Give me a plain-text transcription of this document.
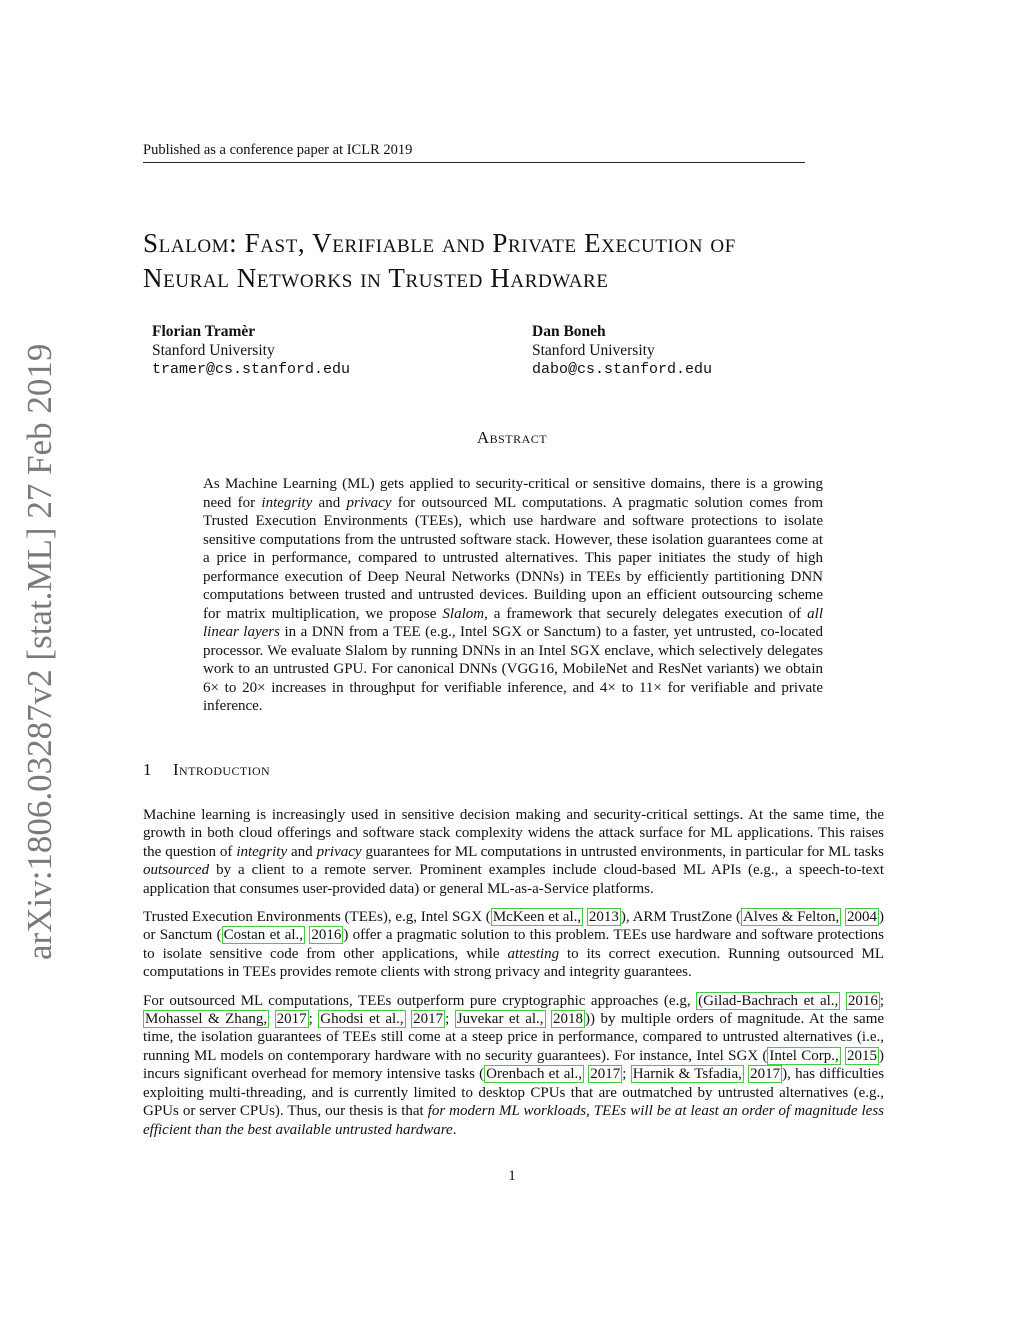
arXiv:1806.03287v2 [stat.ML] 27 Feb 2019
Published as a conference paper at ICLR 2019
Slalom: Fast, Verifiable and Private Execution of
Neural Networks in Trusted Hardware
Florian Tramèr
Stanford University
tramer@cs.stanford.edu
Dan Boneh
Stanford University
dabo@cs.stanford.edu
Abstract
As Machine Learning (ML) gets applied to security-critical or sensitive domains, there is a growing need for integrity and privacy for outsourced ML computations. A pragmatic solution comes from Trusted Execution Environments (TEEs), which use hardware and software protections to isolate sensitive computations from the untrusted software stack. However, these isolation guarantees come at a price in performance, compared to untrusted alternatives. This paper initiates the study of high performance execution of Deep Neural Networks (DNNs) in TEEs by efficiently partitioning DNN computations between trusted and untrusted devices. Building upon an efficient outsourcing scheme for matrix multiplication, we propose Slalom, a framework that securely delegates execution of all linear layers in a DNN from a TEE (e.g., Intel SGX or Sanctum) to a faster, yet untrusted, co-located processor. We evaluate Slalom by running DNNs in an Intel SGX enclave, which selectively delegates work to an untrusted GPU. For canonical DNNs (VGG16, MobileNet and ResNet variants) we obtain 6× to 20× increases in throughput for verifiable inference, and 4× to 11× for verifiable and private inference.
1 Introduction

Machine learning is increasingly used in sensitive decision making and security-critical settings. At the same time, the growth in both cloud offerings and software stack complexity widens the attack surface for ML applications. This raises the question of integrity and privacy guarantees for ML computations in untrusted environments, in particular for ML tasks outsourced by a client to a remote server. Prominent examples include cloud-based ML APIs (e.g., a speech-to-text application that consumes user-provided data) or general ML-as-a-Service platforms.

Trusted Execution Environments (TEEs), e.g, Intel SGX ( McKeen et al., 2013 ), ARM TrustZone ( Alves & Felton, 2004 ) or Sanctum ( Costan et al., 2016 ) offer a pragmatic solution to this problem. TEEs use hardware and software protections to isolate sensitive code from other applications, while attesting to its correct execution. Running outsourced ML computations in TEEs provides remote clients with strong privacy and integrity guarantees.

For outsourced ML computations, TEEs outperform pure cryptographic approaches (e.g, (Gilad-Bachrach et al., 2016 ; Mohassel & Zhang, 2017 ; Ghodsi et al., 2017 ; Juvekar et al., 2018 )) by multiple orders of magnitude. At the same time, the isolation guarantees of TEEs still come at a steep price in performance, compared to untrusted alternatives (i.e., running ML models on contemporary hardware with no security guarantees). For instance, Intel SGX ( Intel Corp., 2015 ) incurs significant overhead for memory intensive tasks ( Orenbach et al., 2017 ; Harnik & Tsfadia, 2017 ), has difficulties exploiting multi-threading, and is currently limited to desktop CPUs that are outmatched by untrusted alternatives (e.g., GPUs or server CPUs). Thus, our thesis is that for modern ML workloads, TEEs will be at least an order of magnitude less efficient than the best available untrusted hardware.

1
